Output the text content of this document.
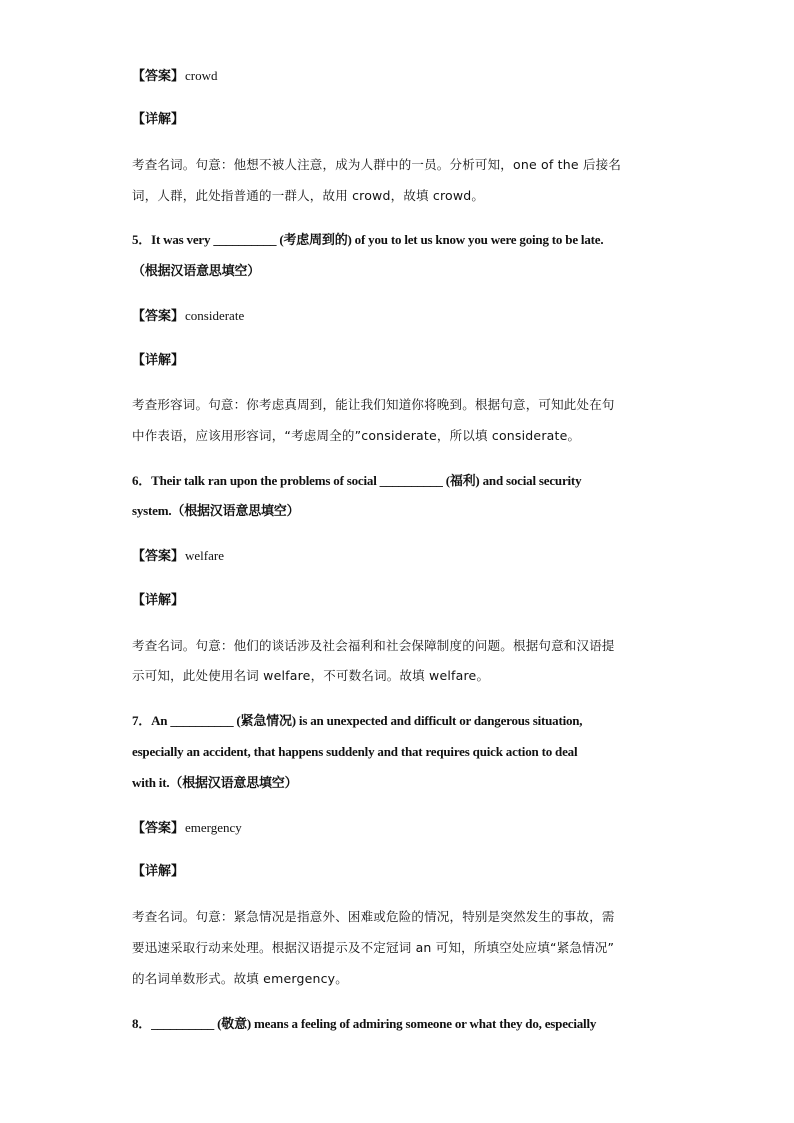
【答案】crowd
【详解】
考查名词。句意：他想不被人注意，成为人群中的一员。分析可知，one of the 后接名
词，人群，此处指普通的一群人，故用 crowd，故填 crowd。
5．It was very __________ (考虑周到的) of you to let us know you were going to be late.
（根据汉语意思填空）
【答案】considerate
【详解】
考查形容词。句意：你考虑真周到，能让我们知道你将晚到。根据句意，可知此处在句
中作表语，应该用形容词，“考虑周全的”considerate，所以填 considerate。
6．Their talk ran upon the problems of social __________ (福利) and social security
system.（根据汉语意思填空）
【答案】welfare
【详解】
考查名词。句意：他们的谈话涉及社会福利和社会保障制度的问题。根据句意和汉语提
示可知，此处使用名词 welfare，不可数名词。故填 welfare。
7．An __________ (紧急情况) is an unexpected and difficult or dangerous situation,
especially an accident, that happens suddenly and that requires quick action to deal
with it.（根据汉语意思填空）
【答案】emergency
【详解】
考查名词。句意：紧急情况是指意外、困难或危险的情况，特别是突然发生的事故，需
要迅速采取行动来处理。根据汉语提示及不定冠词 an 可知，所填空处应填“紧急情况”
的名词单数形式。故填 emergency。
8．__________ (敬意) means a feeling of admiring someone or what they do, especially
